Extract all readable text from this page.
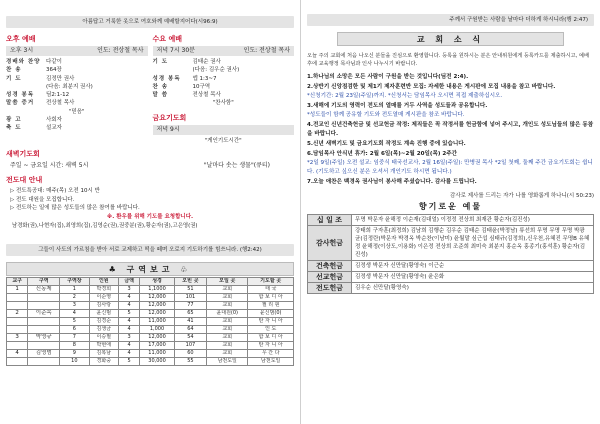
아름답고 거룩한 옷으로 여호와께 예배할지어다(시96:9)
오후 예배
오후 3시	인도: 전상철 목사
경배와 찬양	다같이
찬 송	364장
기 도	김정만 권사
(다음: 최분지 권사)
성경 봉독	딤2:1-12
말씀 증거	전상철 목사
"믿음"
광 고	사회자
축 도	설교자
수요 예배
저녁 7시 30분	인도: 전상철 목사
기 도	김태순 권사
(다음: 김우순 권사)
성경 봉독	엡 1:3~7
찬 송	10구역
말 씀	전상철 목사
"찬사함"
금요기도회
저녁 9시
"게인기도시간"
새벽기도회
주일 ~ 금요일 시간: 새벽 5시	"날마다 솟는 생물"(큐티)
전도대 안내
▷ 전도특공대: 매주(목) 오전 10시 반
▷ 전도 대원을 모집합니다.
▷ 전도하는 일에 많은 성도들의 많은 참여를 바랍니다.
※. 환우를 위해 기도를 요청합니다.
남경화(권),나현자(집),최영희(집),김영순(권),권중분(권),황순자(권),고은영(권)
그들이 사도의 가르침을 받아 서로 교제하고 떡을 떼며 오로지 기도하기를 힘쓰니라. (행2:42)
♣ 구역보고 ♧
교구	구역	구역장	인원	금액	성경	오빈 곳	모일 곳	기도할 곳
1	신동제	1	박경희	3	1,1000	51	교회	태 국
		2	이순영	4	12,000	101	교회	함 보 디 아
		3	김사랑	4	12,000	77	교회	필 리 핀
2	이준목	4	윤신범	5	12,000	65	윤대원(0)	윤신범(0)
		5	김경순	4	11,000	41	교회	탄 자 니 아
		6	김생금	4	1,000	64	교회	인 도
3	박영규	7	이승필	3	12,000	54	교회	함 보 디 아
		8	박현애	4	17,000	107	교회	탄 자 니 아
4	김영범	9	김복남	4	11,000	60	교회	우 간 다
		10	경화중	5	30,000	55	남천도일	남천도일
주께서 구원받는 사람을 날마다 더하게 하시니라(행 2:47)
교 회 소 식
오늘 주의 교회에 처음 나오신 분들을 진심으로 환영합니다. 등록을 원하시는 분은 안내위원에게 등록카드를 제출하시고, 예배 후에 교육행정 목사님과 인사 나누시기 바랍니다.
1.하나님의 소망은 모든 사람이 구원을 받는 것입니다(딤전 2:4).
2.상반기 신앙점검한 및 제1기 제자훈련반 모집: 자세한 내용은 게시판에 모집 내용을 참고 바랍니다.
*신청기간: 2월 23일(주일)까지. *신청서는 담임목사 오시면 직접 제출하십시오.
3.새해에 기도의 영력이 전도의 열매를 거두 사역을 성도들과 공유합니다.
*성도들이 함께 공유할 기도와 전도열매 게시판을 참조 바랍니다.
4.전교인 신년건축헌금 및 선교헌금 작정: 제직들은 꼭 작정서를 헌금함에 넣어 주시고, 개인도 성도님들의 많은 동참을 바랍니다.
5.신년 새벽기도 및 금요기도회 작정도 계속 진행 중에 있습니다.
6.담임목사 안식년 휴가: 2월 6일(목)~2월 20일(목) 2주간
*2일 9일(주일) 오전 설교: 임중식 태국선교사, 2월 16일(주일): 만병권 목사 *2일 첫째, 둘째 주간 금요기도회는 쉽니다. (기도하고 싶으신 분은 오셔서 개인기도 하시면 됩니다.)
7.오늘 애찬은 백경옥 권사님이 봉사해 주셨습니다. 감사를 드립니다.
감사로 제사를 드리는 자가 나를 영화롭게 하나니(시 50:23)
향기로운 예물
십 일 조	무명 박문자 윤해정 이순재(김대얼) 이정정 전상희 최재관 황순자(김진성)
감사헌금	강태희 구자훈(최정희) 김남희 김행순 김우순 김태순 김태윤(박정남) 류선희 무명 무명 무명 박광균(김정란)박문자 박경옥 박순찬(이남미) 윤월말 심근섭 심태규(김정희),신우천,유혜진 무명B 유혜정 윤해정(이상도,이용화) 이은정 전상희 조준희 최미숙 최분지 홍순옥 홍종기(홍석훈) 황순자(김진성)
건축헌금	김정생 박문자 신만달(황영숙) 이근순
선교헌금	김정생 박문자 신만달(황영숙) 윤은화
전도헌금	김우순 신만달(황영숙)
